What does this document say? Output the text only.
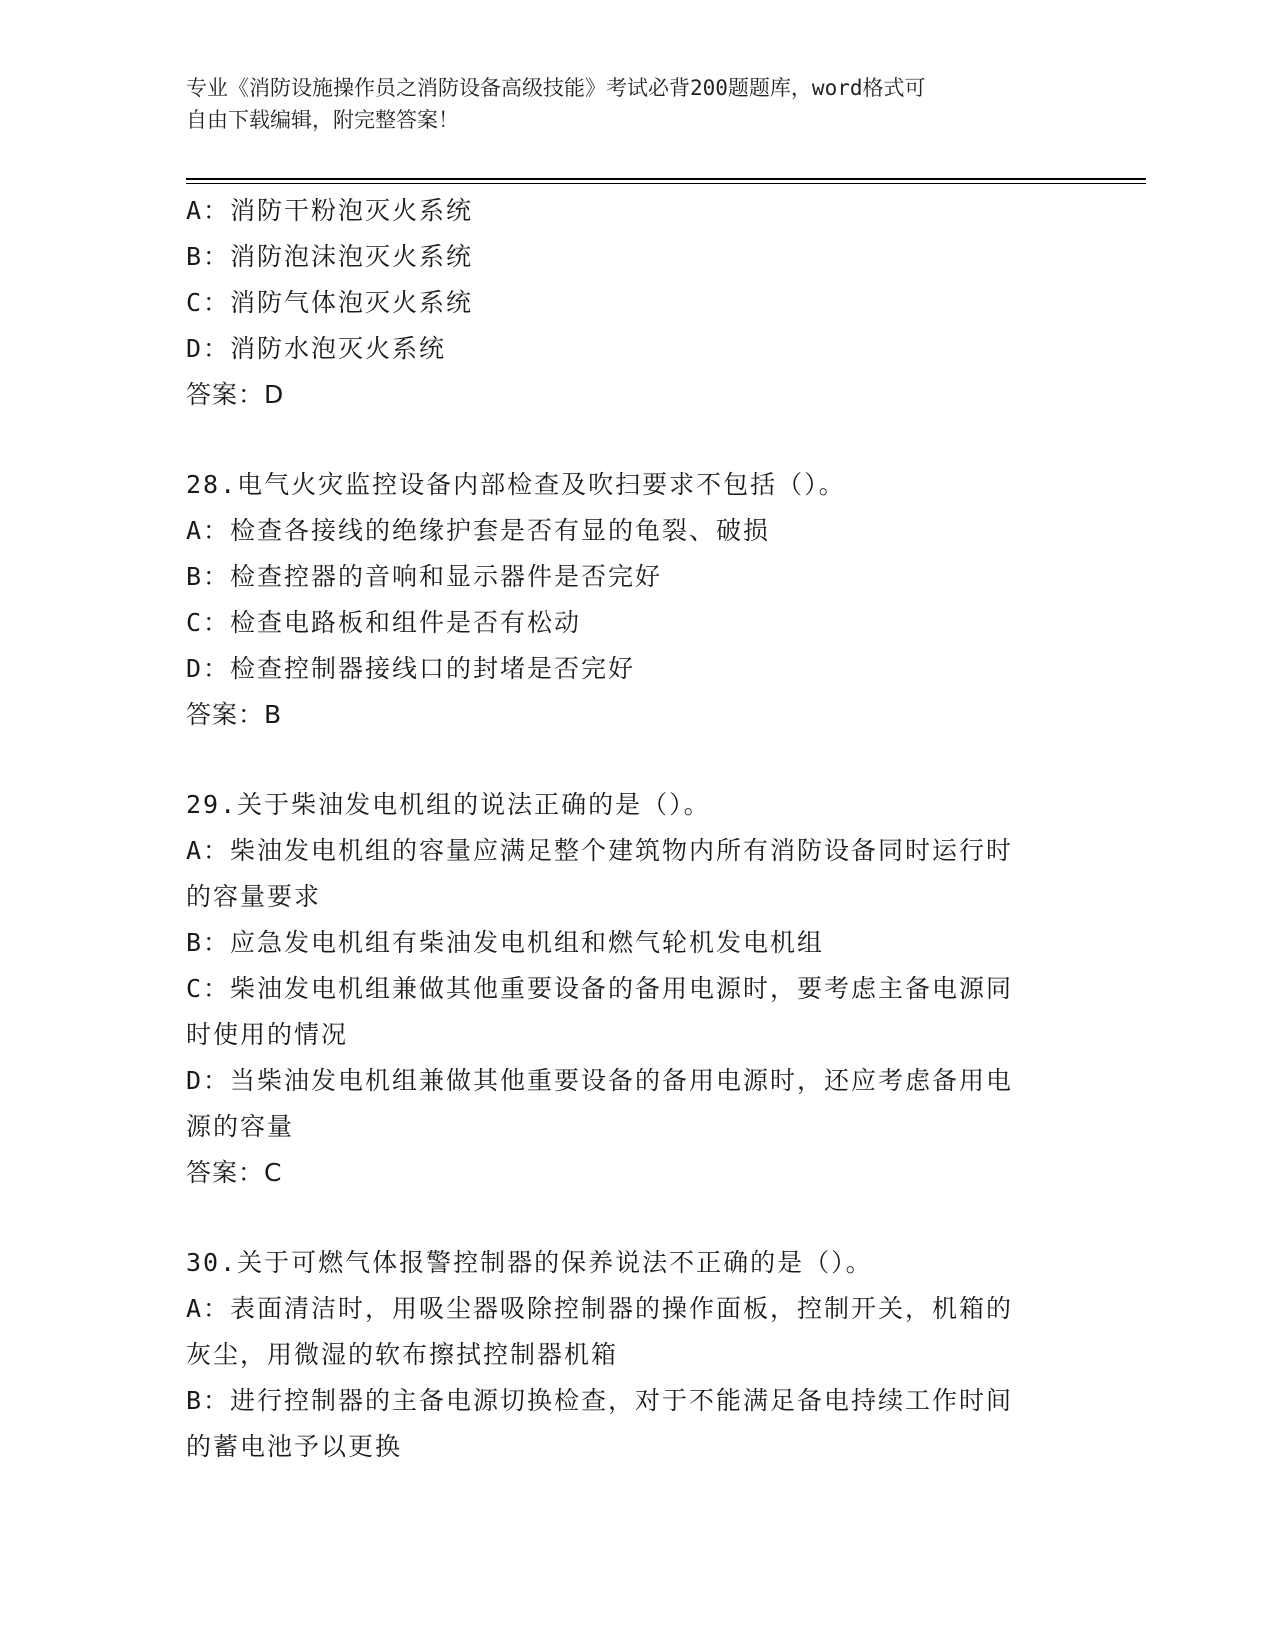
专业《消防设施操作员之消防设备高级技能》考试必背200题题库，word格式可
自由下载编辑，附完整答案！
A：消防干粉泡灭火系统
B：消防泡沫泡灭火系统
C：消防气体泡灭火系统
D：消防水泡灭火系统
答案：D
28.电气火灾监控设备内部检查及吹扫要求不包括（）。
A：检查各接线的绝缘护套是否有显的龟裂、破损
B：检查控器的音响和显示器件是否完好
C：检查电路板和组件是否有松动
D：检查控制器接线口的封堵是否完好
答案：B
29.关于柴油发电机组的说法正确的是（）。
A：柴油发电机组的容量应满足整个建筑物内所有消防设备同时运行时
的容量要求
B：应急发电机组有柴油发电机组和燃气轮机发电机组
C：柴油发电机组兼做其他重要设备的备用电源时，要考虑主备电源同
时使用的情况
D：当柴油发电机组兼做其他重要设备的备用电源时，还应考虑备用电
源的容量
答案：C
30.关于可燃气体报警控制器的保养说法不正确的是（）。
A：表面清洁时，用吸尘器吸除控制器的操作面板，控制开关，机箱的
灰尘，用微湿的软布擦拭控制器机箱
B：进行控制器的主备电源切换检查，对于不能满足备电持续工作时间
的蓄电池予以更换
